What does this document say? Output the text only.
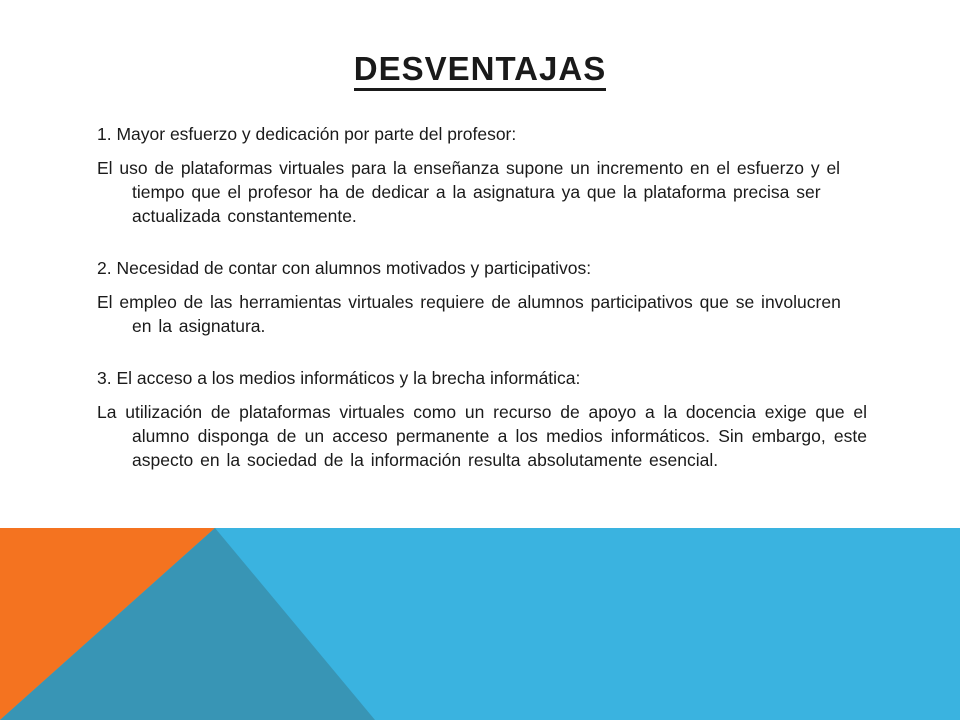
DESVENTAJAS

1. Mayor esfuerzo y dedicación por parte del profesor:

El uso de plataformas virtuales para la enseñanza supone un incremento en el esfuerzo y el tiempo que el profesor ha de dedicar a la asignatura ya que la plataforma precisa ser actualizada constantemente.

2. Necesidad de contar con alumnos motivados y participativos:

El empleo de las herramientas virtuales requiere de alumnos participativos que se involucren en la asignatura.

3. El acceso a los medios informáticos y la brecha informática:

La utilización de plataformas virtuales como un recurso de apoyo a la docencia exige que el alumno disponga de un acceso permanente a los medios informáticos. Sin embargo, este aspecto en la sociedad de la información resulta absolutamente esencial.
